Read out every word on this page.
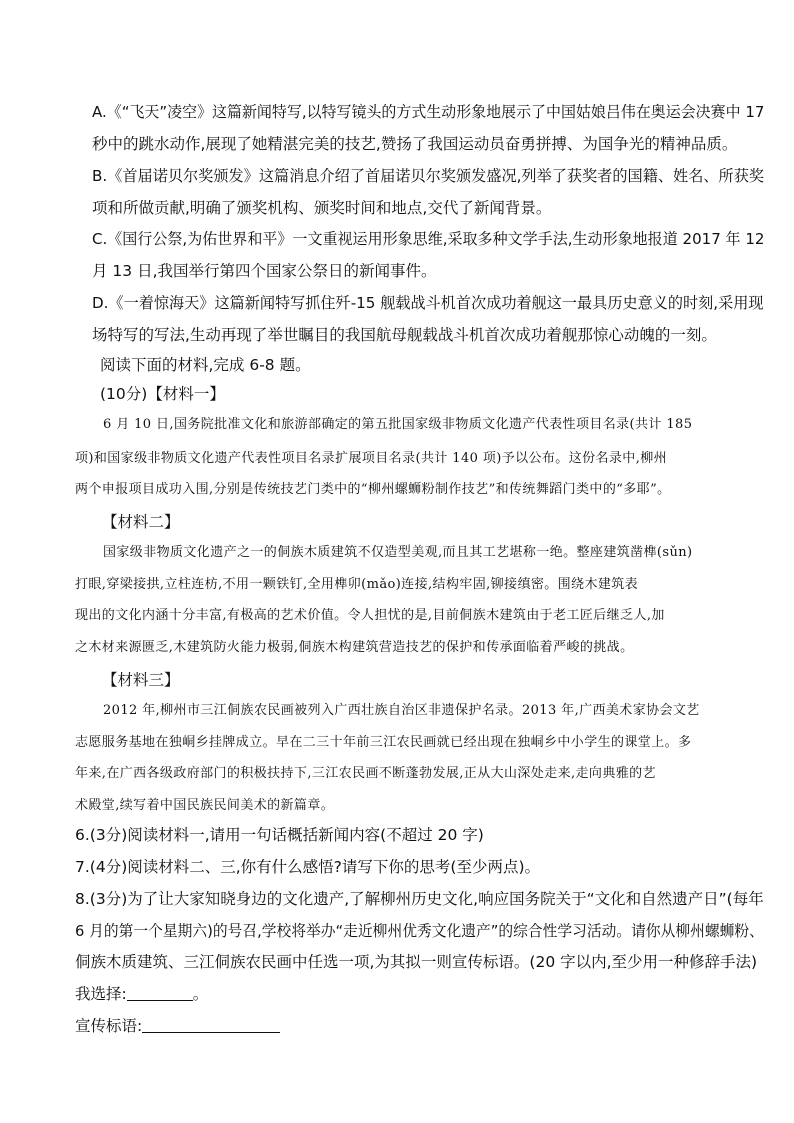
A.《“飞天”凌空》这篇新闻特写,以特写镜头的方式生动形象地展示了中国姑娘吕伟在奥运会决赛中 17
秒中的跳水动作,展现了她精湛完美的技艺,赞扬了我国运动员奋勇拼搏、为国争光的精神品质。
B.《首届诺贝尔奖颁发》这篇消息介绍了首届诺贝尔奖颁发盛况,列举了获奖者的国籍、姓名、所获奖
项和所做贡献,明确了颁奖机构、颁奖时间和地点,交代了新闻背景。
C.《国行公祭,为佑世界和平》一文重视运用形象思维,采取多种文学手法,生动形象地报道 2017 年 12
月 13 日,我国举行第四个国家公祭日的新闻事件。
D.《一着惊海天》这篇新闻特写抓住歼-15 舰载战斗机首次成功着舰这一最具历史意义的时刻,采用现
场特写的写法,生动再现了举世瞩目的我国航母舰载战斗机首次成功着舰那惊心动魄的一刻。
阅读下面的材料,完成 6-8 题。
(10分)【材料一】
6 月 10 日,国务院批准文化和旅游部确定的第五批国家级非物质文化遗产代表性项目名录(共计 185
项)和国家级非物质文化遗产代表性项目名录扩展项目名录(共计 140 项)予以公布。这份名录中,柳州
两个申报项目成功入围,分别是传统技艺门类中的“柳州螺蛳粉制作技艺”和传统舞蹈门类中的“多耶”。
【材料二】
国家级非物质文化遗产之一的侗族木质建筑不仅造型美观,而且其工艺堪称一绝。整座建筑凿榫(sǔn)
打眼,穿梁接拱,立柱连枋,不用一颗铁钉,全用榫卯(mǎo)连接,结构牢固,铆接缜密。围绕木建筑表
现出的文化内涵十分丰富,有极高的艺术价值。令人担忧的是,目前侗族木建筑由于老工匠后继乏人,加
之木材来源匮乏,木建筑防火能力极弱,侗族木构建筑营造技艺的保护和传承面临着严峻的挑战。
【材料三】
2012 年,柳州市三江侗族农民画被列入广西壮族自治区非遗保护名录。2013 年,广西美术家协会文艺
志愿服务基地在独峒乡挂牌成立。早在二三十年前三江农民画就已经出现在独峒乡中小学生的课堂上。多
年来,在广西各级政府部门的积极扶持下,三江农民画不断蓬勃发展,正从大山深处走来,走向典雅的艺
术殿堂,续写着中国民族民间美术的新篇章。
6.(3分)阅读材料一,请用一句话概括新闻内容(不超过 20 字)
7.(4分)阅读材料二、三,你有什么感悟?请写下你的思考(至少两点)。
8.(3分)为了让大家知晓身边的文化遗产,了解柳州历史文化,响应国务院关于“文化和自然遗产日”(每年
6 月的第一个星期六)的号召,学校将举办“走近柳州优秀文化遗产”的综合性学习活动。请你从柳州螺蛳粉、
侗族木质建筑、三江侗族农民画中任选一项,为其拟一则宣传标语。(20 字以内,至少用一种修辞手法)
我选择:	。
宣传标语:
